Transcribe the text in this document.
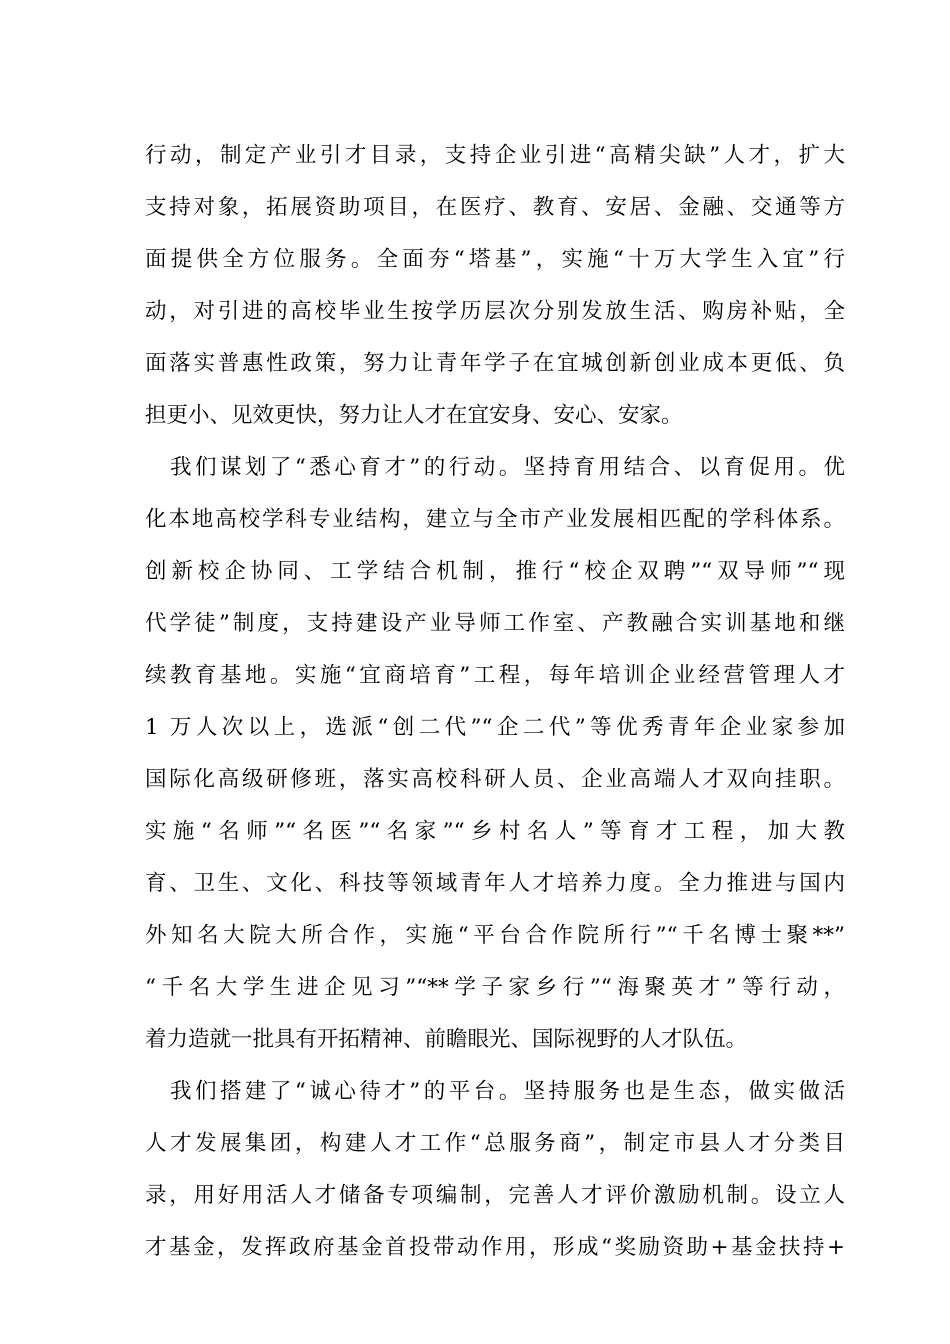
行动，制定产业引才目录，支持企业引进“高精尖缺”人才，扩大
支持对象，拓展资助项目，在医疗、教育、安居、金融、交通等方
面提供全方位服务。全面夯“塔基”，实施“十万大学生入宜”行
动，对引进的高校毕业生按学历层次分别发放生活、购房补贴，全
面落实普惠性政策，努力让青年学子在宜城创新创业成本更低、负
担更小、见效更快，努力让人才在宜安身、安心、安家。
　我们谋划了“悉心育才”的行动。坚持育用结合、以育促用。优
化本地高校学科专业结构，建立与全市产业发展相匹配的学科体系。
创新校企协同、工学结合机制，推行“校企双聘”“双导师”“现
代学徒”制度，支持建设产业导师工作室、产教融合实训基地和继
续教育基地。实施“宜商培育”工程，每年培训企业经营管理人才
1 万人次以上，选派“创二代”“企二代”等优秀青年企业家参加
国际化高级研修班，落实高校科研人员、企业高端人才双向挂职。
实施“名师”“名医”“名家”“乡村名人”等育才工程，加大教
育、卫生、文化、科技等领域青年人才培养力度。全力推进与国内
外知名大院大所合作，实施“平台合作院所行”“千名博士聚**”
“千名大学生进企见习”“**学子家乡行”“海聚英才”等行动，
着力造就一批具有开拓精神、前瞻眼光、国际视野的人才队伍。
　我们搭建了“诚心待才”的平台。坚持服务也是生态，做实做活
人才发展集团，构建人才工作“总服务商”，制定市县人才分类目
录，用好用活人才储备专项编制，完善人才评价激励机制。设立人
才基金，发挥政府基金首投带动作用，形成“奖励资助+基金扶持+
